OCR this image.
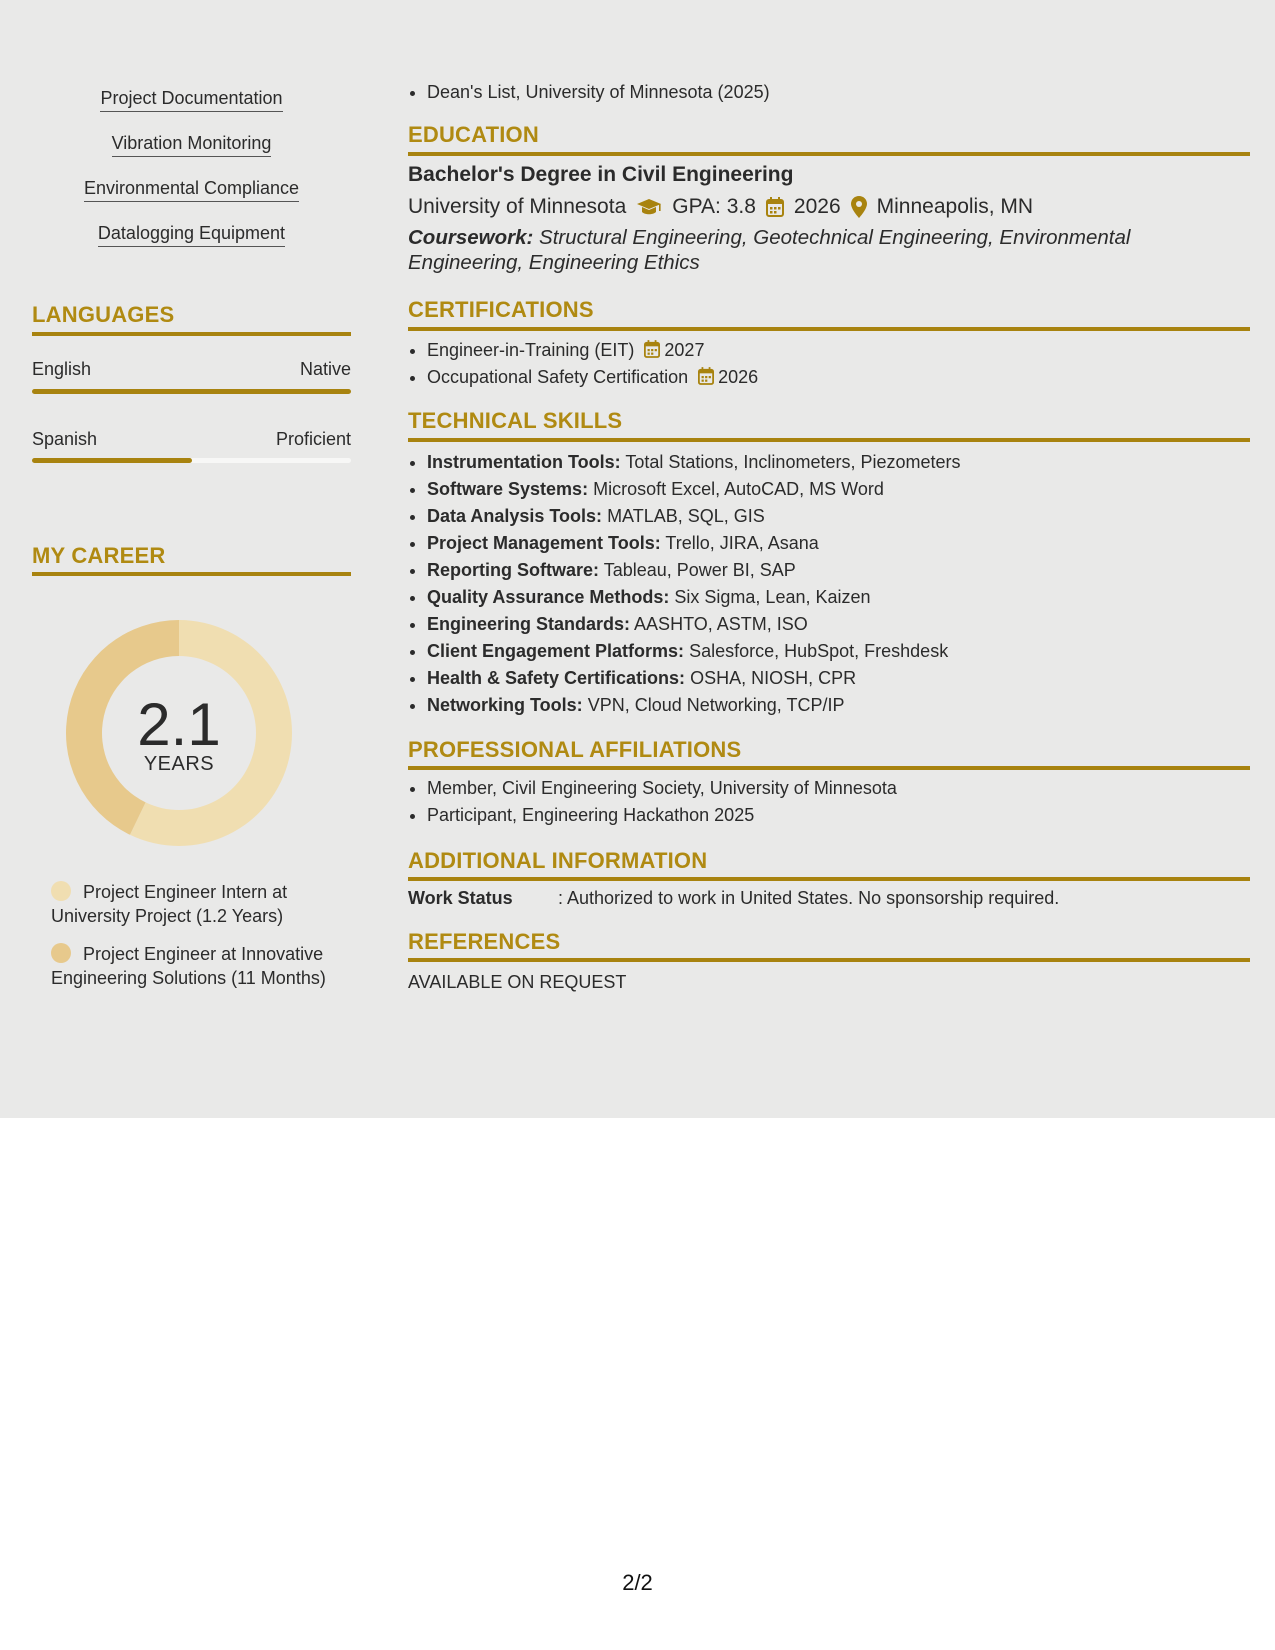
Project Documentation
Vibration Monitoring
Environmental Compliance
Datalogging Equipment
LANGUAGES
English	Native
Spanish	Proficient
MY CAREER
2.1
YEARS
Project Engineer Intern at University Project (1.2 Years)
Project Engineer at Innovative Engineering Solutions (11 Months)
• Dean's List, University of Minnesota (2025)
EDUCATION
Bachelor's Degree in Civil Engineering
University of Minnesota GPA: 3.8 2026 Minneapolis, MN
Coursework: Structural Engineering, Geotechnical Engineering, Environmental Engineering, Engineering Ethics
CERTIFICATIONS
• Engineer-in-Training (EIT) 2027
• Occupational Safety Certification 2026
TECHNICAL SKILLS
• Instrumentation Tools: Total Stations, Inclinometers, Piezometers
• Software Systems: Microsoft Excel, AutoCAD, MS Word
• Data Analysis Tools: MATLAB, SQL, GIS
• Project Management Tools: Trello, JIRA, Asana
• Reporting Software: Tableau, Power BI, SAP
• Quality Assurance Methods: Six Sigma, Lean, Kaizen
• Engineering Standards: AASHTO, ASTM, ISO
• Client Engagement Platforms: Salesforce, HubSpot, Freshdesk
• Health & Safety Certifications: OSHA, NIOSH, CPR
• Networking Tools: VPN, Cloud Networking, TCP/IP
PROFESSIONAL AFFILIATIONS
• Member, Civil Engineering Society, University of Minnesota
• Participant, Engineering Hackathon 2025
ADDITIONAL INFORMATION
Work Status	: Authorized to work in United States. No sponsorship required.
REFERENCES
AVAILABLE ON REQUEST
2/2
